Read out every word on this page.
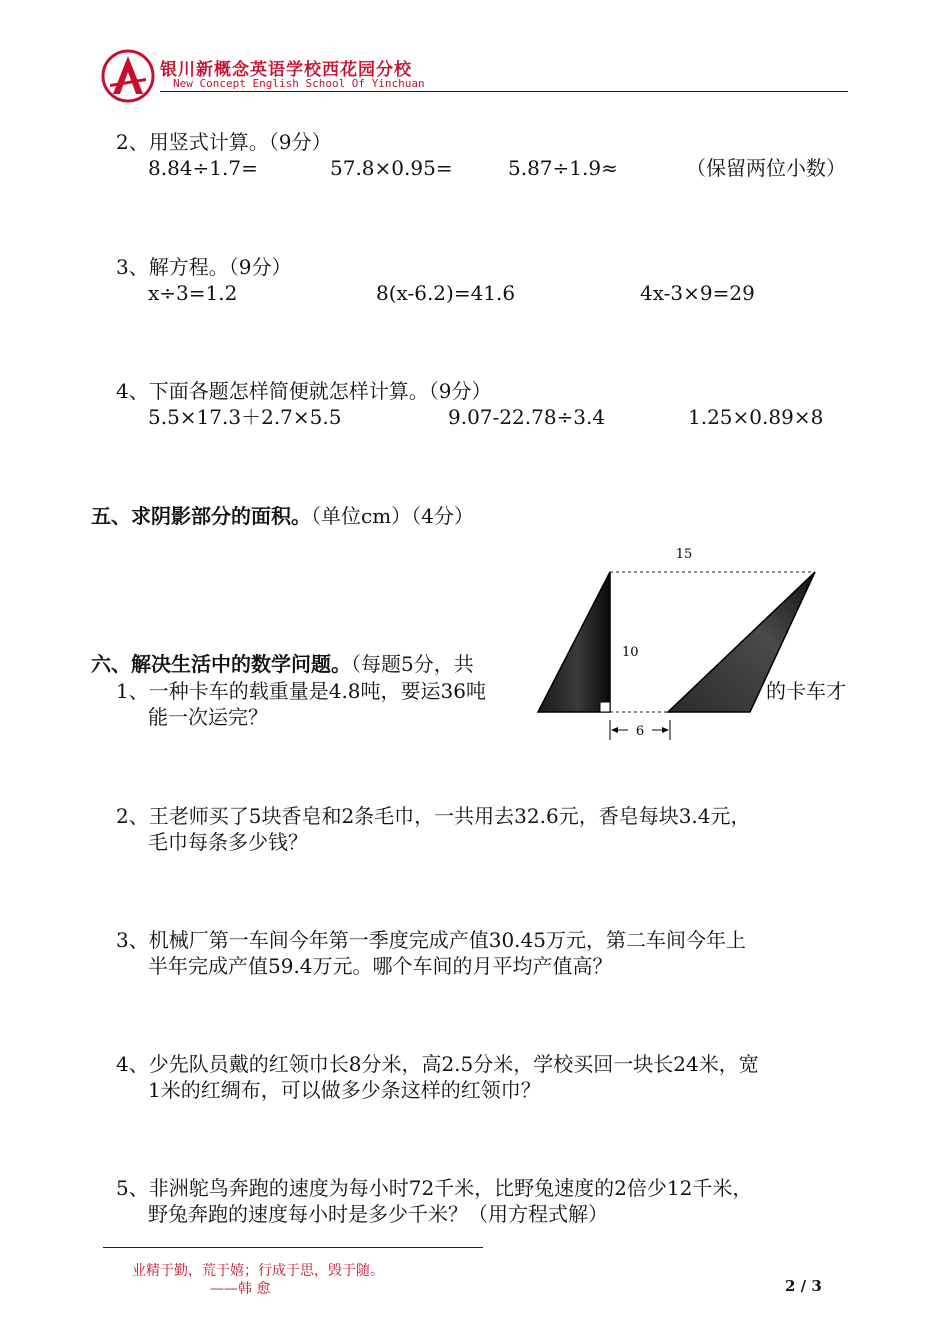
银川新概念英语学校西花园分校
New Concept English School Of Yinchuan
2、用竖式计算。（9分）
8.84÷1.7=	57.8×0.95=	5.87÷1.9≈	（保留两位小数）
3、解方程。（9分）
x÷3=1.2	8(x-6.2)=41.6	4x-3×9=29
4、下面各题怎样简便就怎样计算。（9分）
5.5×17.3＋2.7×5.5	9.07-22.78÷3.4	1.25×0.89×8
五、求阴影部分的面积。（单位cm）（4分）
六、解决生活中的数学问题。（每题5分，共
1、一种卡车的载重量是4.8吨，要运36吨	的卡车才
能一次运完？
15
10
6
2、王老师买了5块香皂和2条毛巾，一共用去32.6元，香皂每块3.4元，
毛巾每条多少钱？
3、机械厂第一车间今年第一季度完成产值30.45万元，第二车间今年上
半年完成产值59.4万元。哪个车间的月平均产值高？
4、少先队员戴的红领巾长8分米，高2.5分米，学校买回一块长24米，宽
1米的红绸布，可以做多少条这样的红领巾？
5、非洲鸵鸟奔跑的速度为每小时72千米，比野兔速度的2倍少12千米，
野兔奔跑的速度每小时是多少千米？（用方程式解）
业精于勤，荒于嬉；行成于思，毁于随。
——韩 愈	2 / 3
